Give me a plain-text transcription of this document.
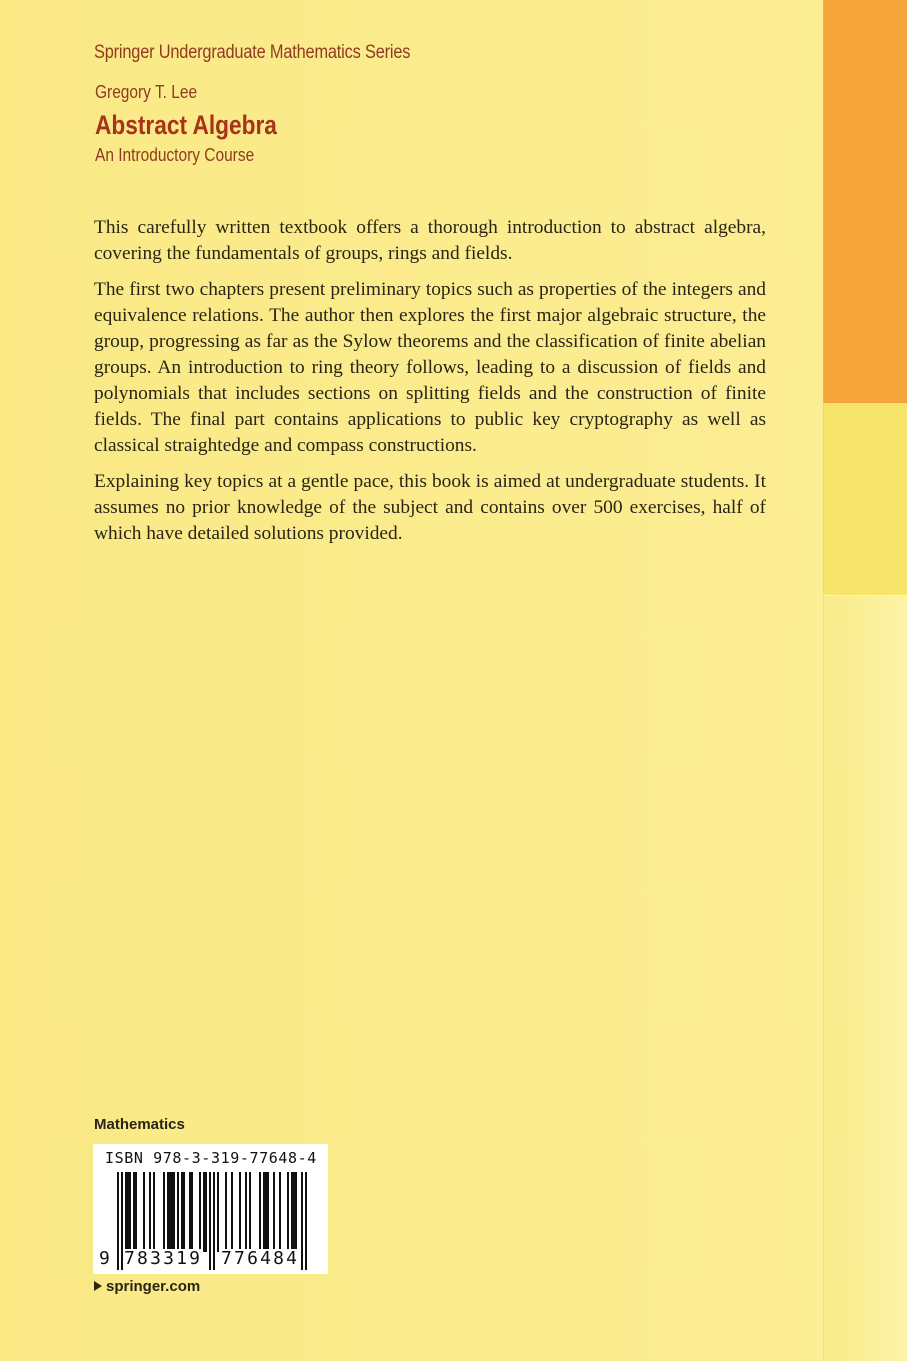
Springer Undergraduate Mathematics Series
Gregory T. Lee
Abstract Algebra
An Introductory Course

This carefully written textbook offers a thorough introduction to abstract algebra, covering the fundamentals of groups, rings and fields.

The first two chapters present preliminary topics such as properties of the integers and equivalence relations. The author then explores the first major algebraic structure, the group, progressing as far as the Sylow theorems and the classification of finite abelian groups. An introduction to ring theory follows, leading to a discussion of fields and polynomials that includes sections on splitting fields and the construction of finite fields. The final part contains applications to public key cryptography as well as classical straightedge and compass constructions.

Explaining key topics at a gentle pace, this book is aimed at undergraduate students. It assumes no prior knowledge of the subject and contains over 500 exercises, half of which have detailed solutions provided.

Mathematics
ISBN 978-3-319-77648-4
9 783319 776484
springer.com
